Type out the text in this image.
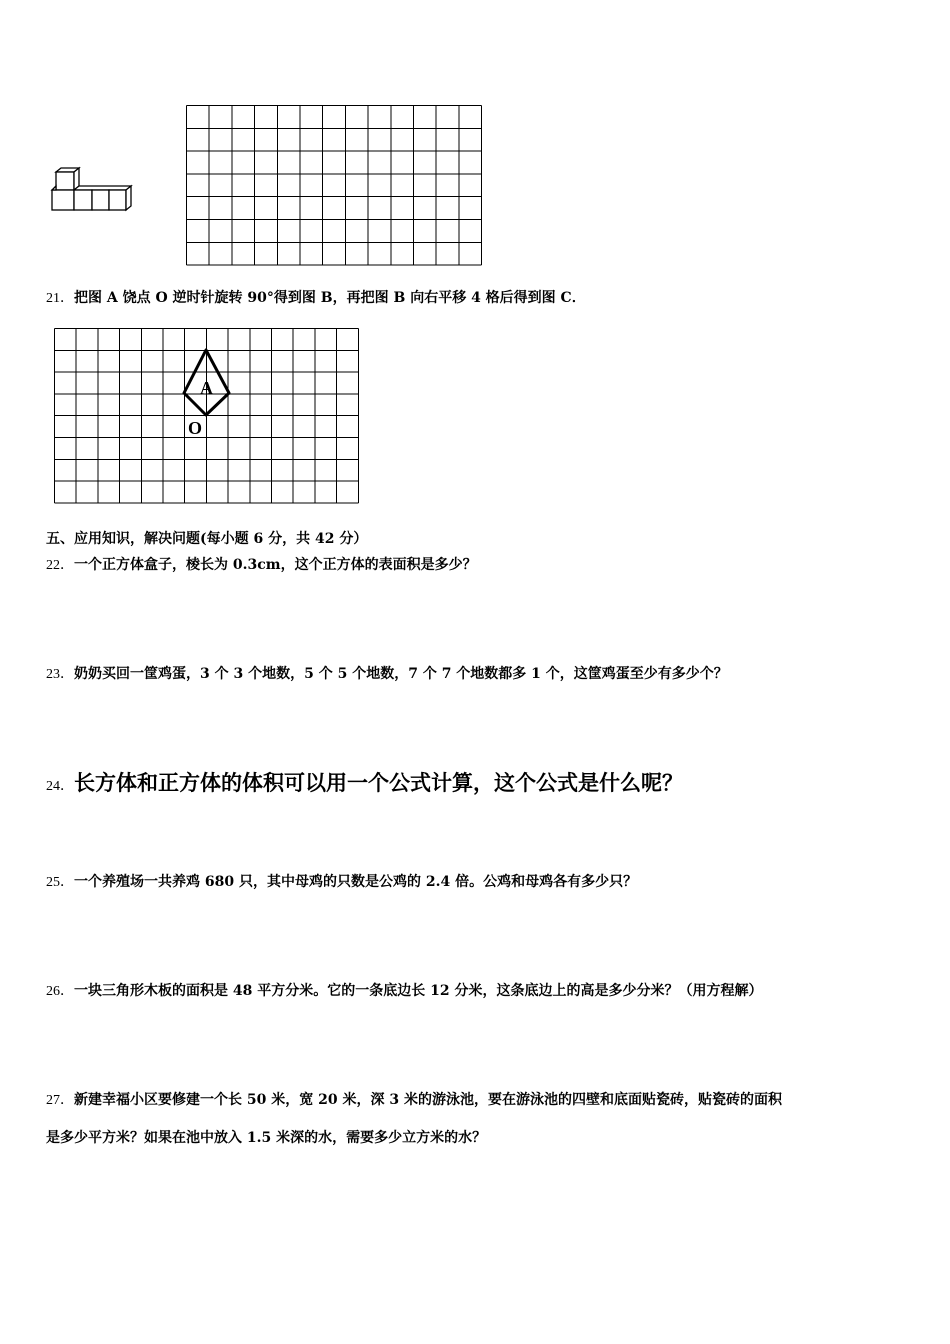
21．把图 A 饶点 O 逆时针旋转 90°得到图 B，再把图 B 向右平移 4 格后得到图 C．
A
O
五、应用知识，解决问题(每小题 6 分，共 42 分）
22．一个正方体盒子，棱长为 0.3cm，这个正方体的表面积是多少？
23．奶奶买回一筐鸡蛋，3 个 3 个地数，5 个 5 个地数，7 个 7 个地数都多 1 个，这筐鸡蛋至少有多少个？
24．长方体和正方体的体积可以用一个公式计算，这个公式是什么呢？
25．一个养殖场一共养鸡 680 只，其中母鸡的只数是公鸡的 2.4 倍。公鸡和母鸡各有多少只？
26．一块三角形木板的面积是 48 平方分米。它的一条底边长 12 分米，这条底边上的高是多少分米？（用方程解）
27．新建幸福小区要修建一个长 50 米，宽 20 米，深 3 米的游泳池，要在游泳池的四壁和底面贴瓷砖，贴瓷砖的面积
是多少平方米？如果在池中放入 1.5 米深的水，需要多少立方米的水？
